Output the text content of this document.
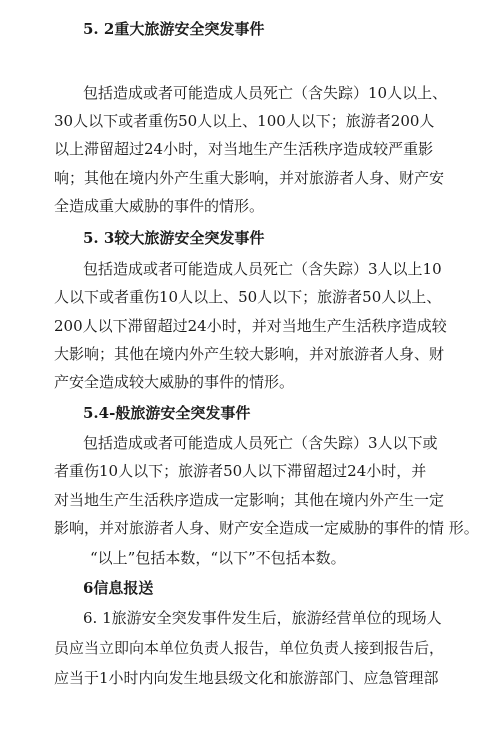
5. 2重大旅游安全突发事件
包括造成或者可能造成人员死亡（含失踪）10人以上、
30人以下或者重伤50人以上、100人以下；旅游者200人
以上滞留超过24小时，对当地生产生活秩序造成较严重影
响；其他在境内外产生重大影响，并对旅游者人身、财产安
全造成重大威胁的事件的情形。
5. 3较大旅游安全突发事件
包括造成或者可能造成人员死亡（含失踪）3人以上10
人以下或者重伤10人以上、50人以下；旅游者50人以上、
200人以下滞留超过24小时，并对当地生产生活秩序造成较
大影响；其他在境内外产生较大影响，并对旅游者人身、财
产安全造成较大威胁的事件的情形。
5.4-般旅游安全突发事件
包括造成或者可能造成人员死亡（含失踪）3人以下或
者重伤10人以下；旅游者50人以下滞留超过24小时，并
对当地生产生活秩序造成一定影响；其他在境内外产生一定
影响，并对旅游者人身、财产安全造成一定威胁的事件的情 形。
“以上”包括本数，“以下”不包括本数。
6信息报送
6. 1旅游安全突发事件发生后，旅游经营单位的现场人
员应当立即向本单位负责人报告，单位负责人接到报告后，
应当于1小时内向发生地县级文化和旅游部门、应急管理部
